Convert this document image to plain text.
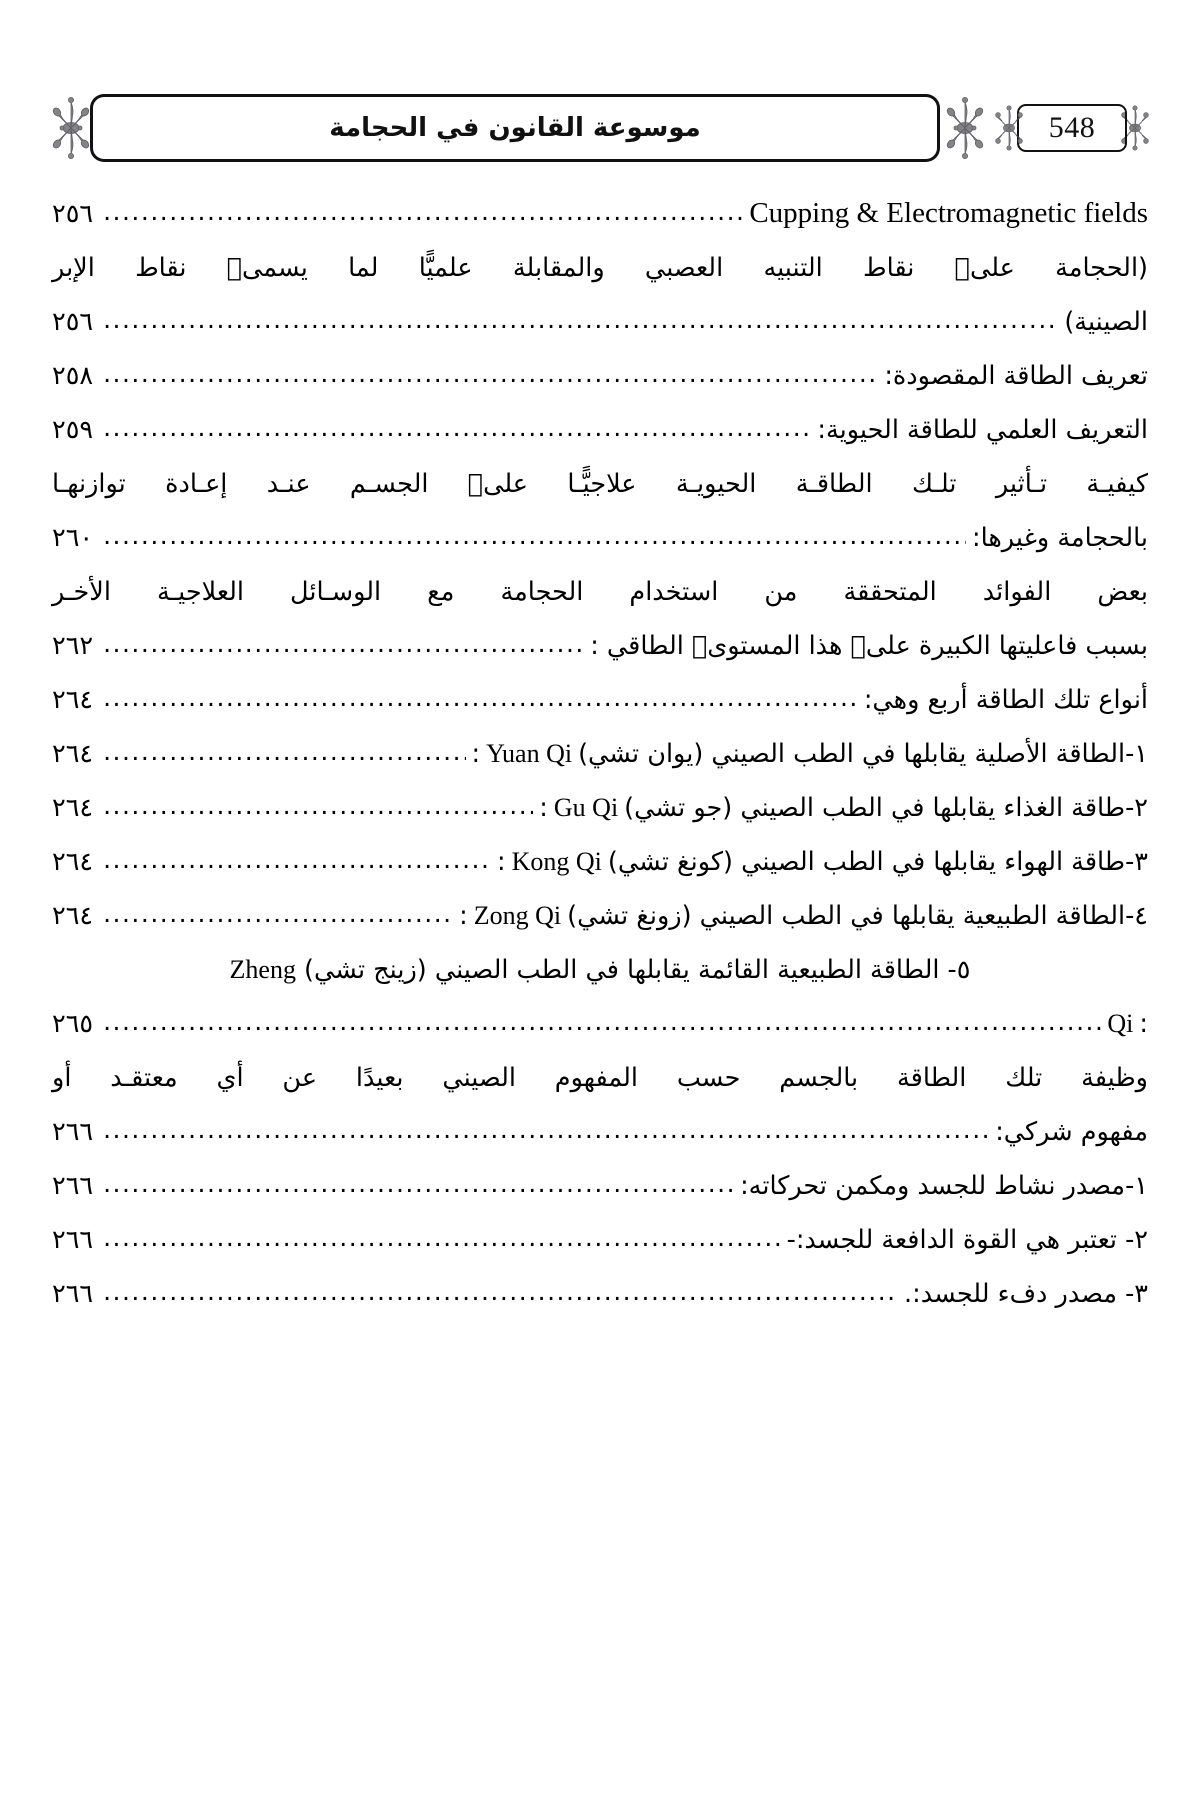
548
موسوعة القانون في الحجامة
Cupping & Electromagnetic fields
.....
٢٥٦
(الحجامة على٘ نقاط التنبيه العصبي والمقابلة علميًّا لما يسمى٘ نقاط الإبر
الصينية)
.....
٢٥٦
تعريف الطاقة المقصودة:
.....
٢٥٨
التعريف العلمي للطاقة الحيوية:
.....
٢٥٩
كيفيـة تـأثير تلـك الطاقـة الحيويـة علاجيًّـا على٘ الجسـم عنـد إعـادة توازنهـا
بالحجامة وغيرها:
.....
٢٦٠
بعض الفوائد المتحققة من استخدام الحجامة مع الوسـائل العلاجيـة الأخـر
بسبب فاعليتها الكبيرة على٘ هذا المستوى٘ الطاقي :
.....
٢٦٢
أنواع تلك الطاقة أربع وهي:
.....
٢٦٤
١-الطاقة الأصلية يقابلها في الطب الصيني (يوان تشي)
Yuan Qi
:
.....
٢٦٤
٢-طاقة الغذاء يقابلها في الطب الصيني (جو تشي)
Gu Qi
:
.....
٢٦٤
٣-طاقة الهواء يقابلها في الطب الصيني (كونغ تشي)
Kong Qi
:
.....
٢٦٤
٤-الطاقة الطبيعية يقابلها في الطب الصيني (زونغ تشي)
Zong Qi
:
.....
٢٦٤
٥- الطاقة الطبيعية القائمة يقابلها في الطب الصيني (زينج تشي) Zheng
:
Qi
.....
٢٦٥
وظيفة تلك الطاقة بالجسم حسب المفهوم الصيني بعيدًا عن أي معتقـد أو
مفهوم شركي:
.....
٢٦٦
١-مصدر نشاط للجسد ومكمن تحركاته:
.....
٢٦٦
٢- تعتبر هي القوة الدافعة للجسد:-
.....
٢٦٦
٣- مصدر دفء للجسد:.
.....
٢٦٦
